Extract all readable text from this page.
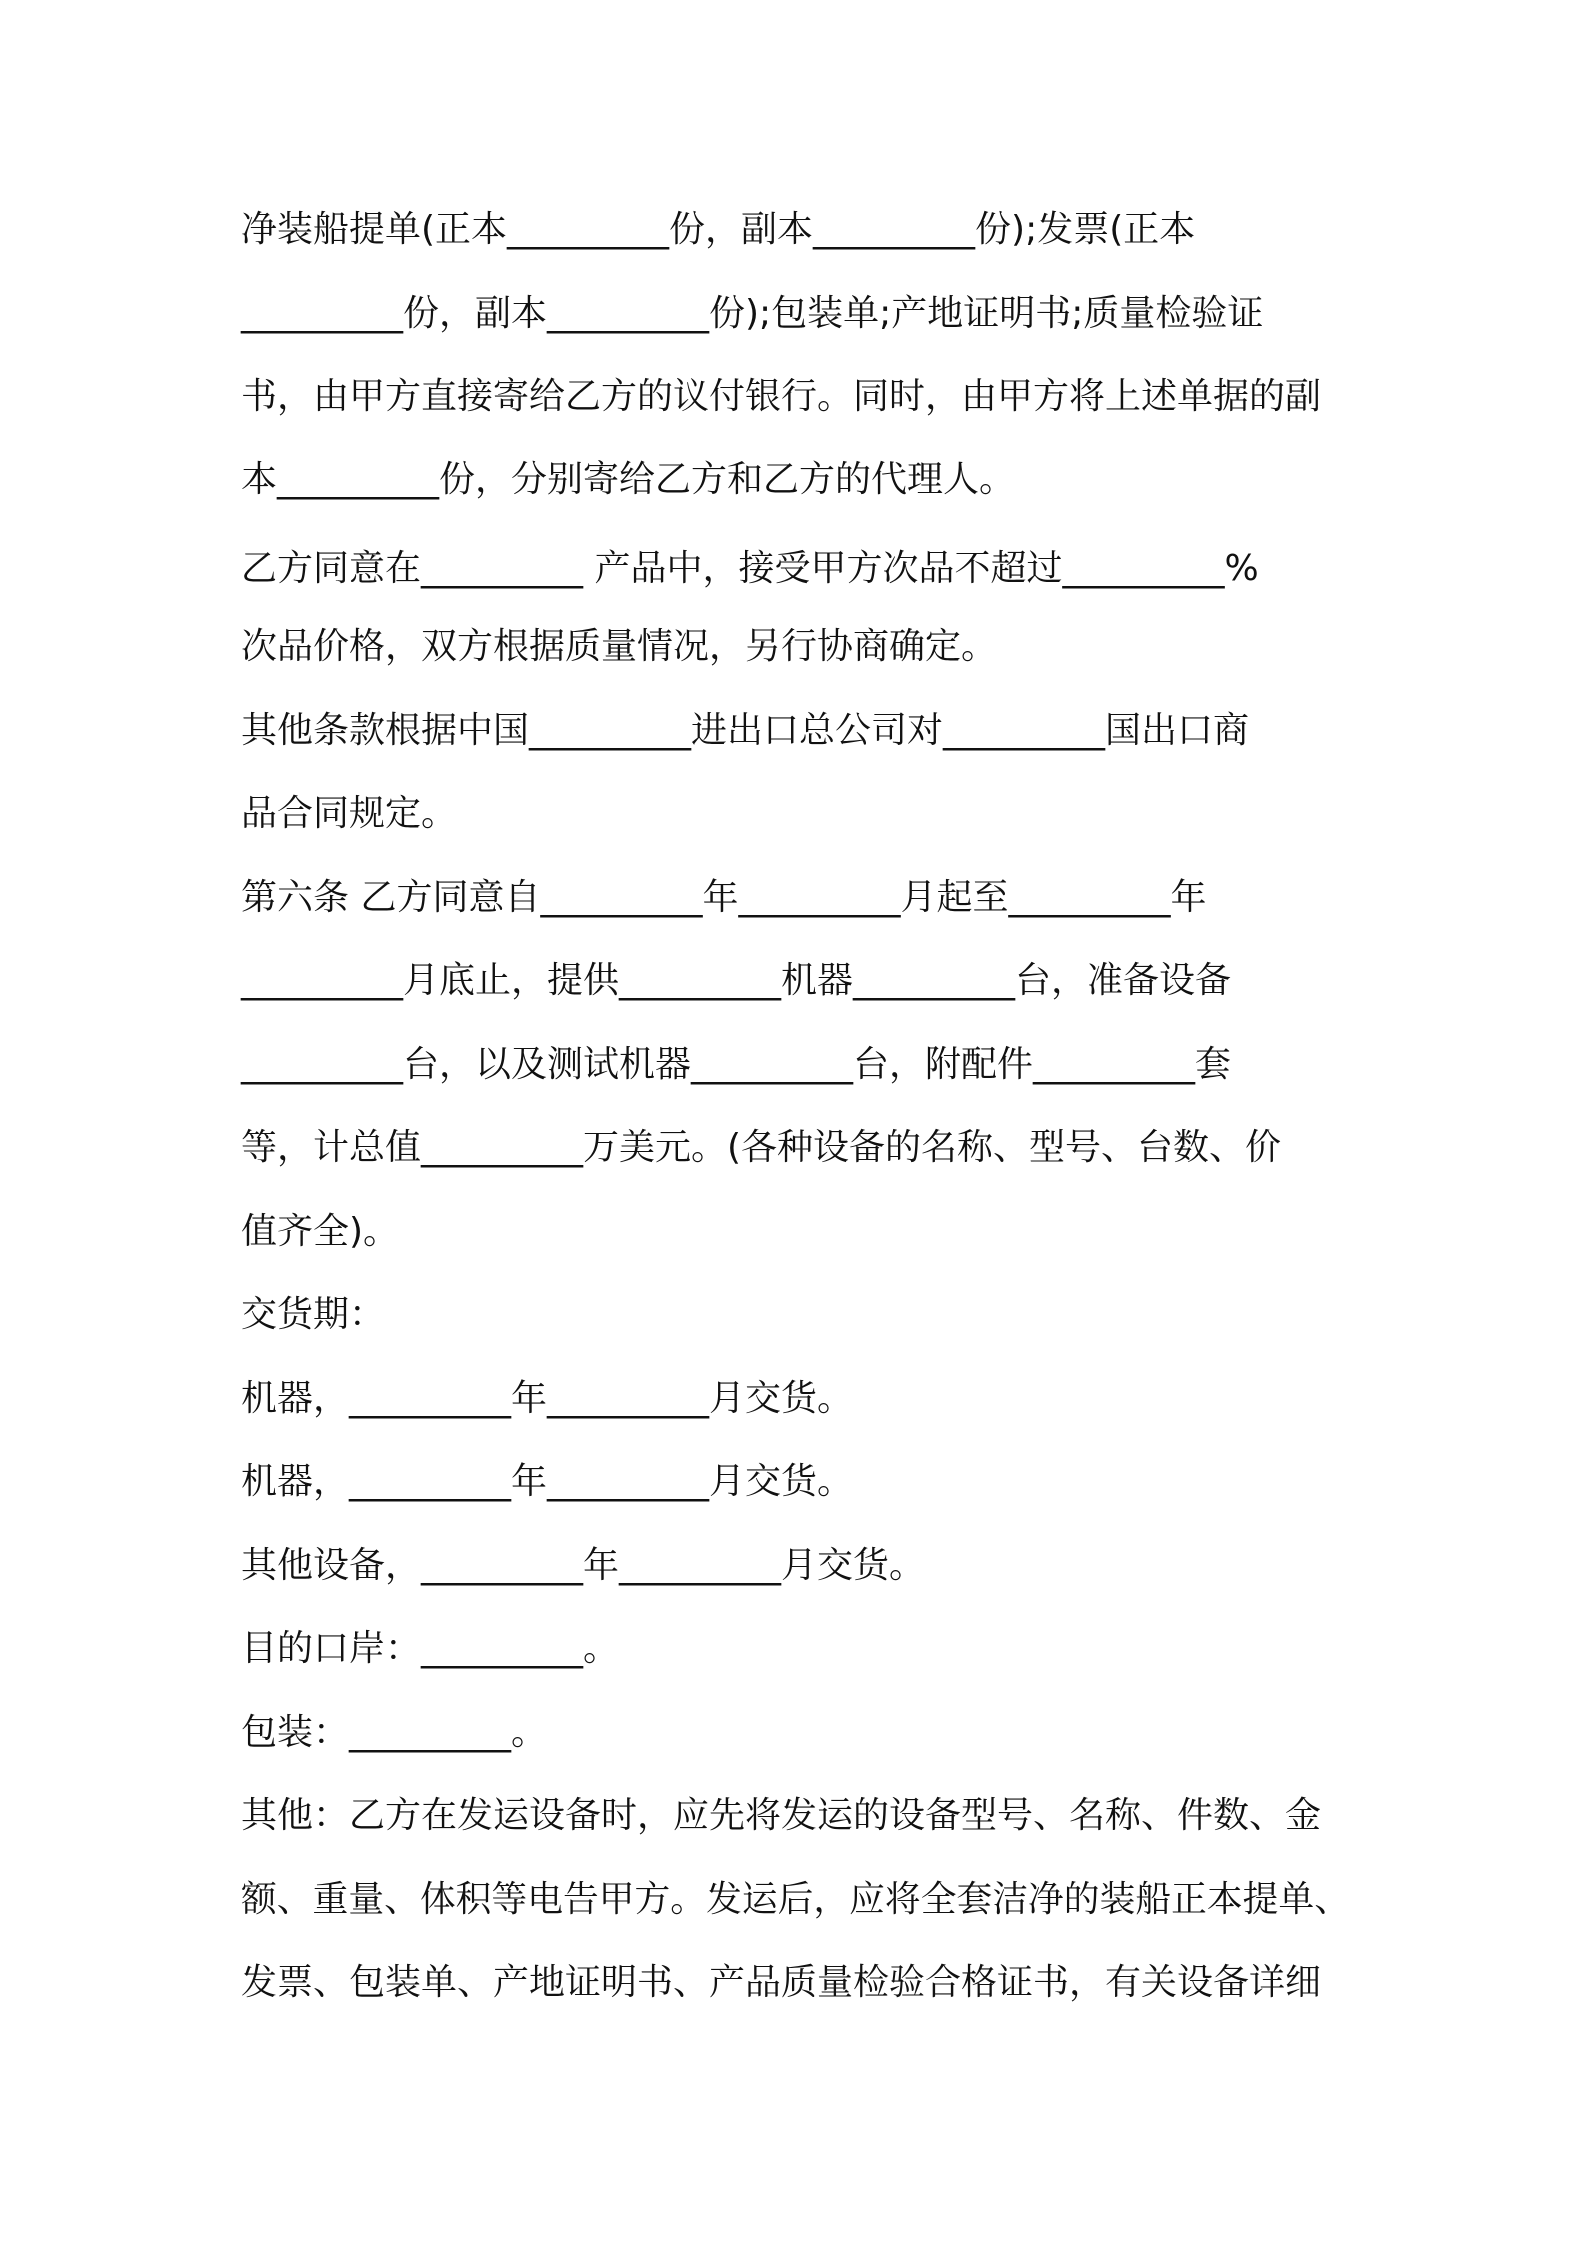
净装船提单(正本_________份，副本_________份);发票(正本
_________份，副本_________份);包装单;产地证明书;质量检验证
书，由甲方直接寄给乙方的议付银行。同时，由甲方将上述单据的副
本_________份，分别寄给乙方和乙方的代理人。
乙方同意在_________ 产品中，接受甲方次品不超过_________%
次品价格，双方根据质量情况，另行协商确定。
其他条款根据中国_________进出口总公司对_________国出口商
品合同规定。
第六条 乙方同意自_________年_________月起至_________年
_________月底止，提供_________机器_________台，准备设备
_________台，以及测试机器_________台，附配件_________套
等，计总值_________万美元。(各种设备的名称、型号、台数、价
值齐全)。
交货期：
机器，_________年_________月交货。
机器，_________年_________月交货。
其他设备，_________年_________月交货。
目的口岸：_________。
包装：_________。
其他：乙方在发运设备时，应先将发运的设备型号、名称、件数、金
额、重量、体积等电告甲方。发运后，应将全套洁净的装船正本提单、
发票、包装单、产地证明书、产品质量检验合格证书，有关设备详细
